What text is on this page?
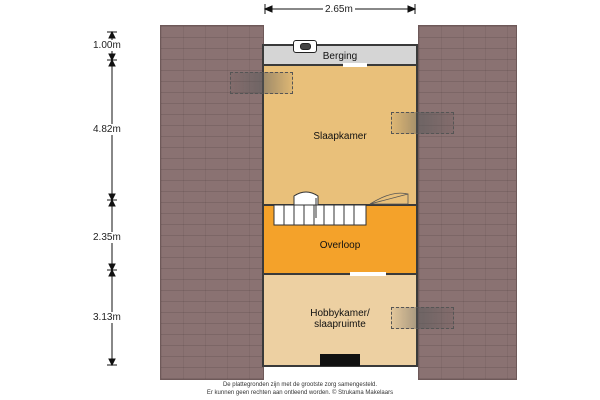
Berging
Slaapkamer
Overloop
Hobbykamer/
slaapruimte
2.65m
1.00m
4.82m
2.35m
3.13m
De plattegronden zijn met de grootste zorg samengesteld.
Er kunnen geen rechten aan ontleend worden. © Strukama Makelaars
